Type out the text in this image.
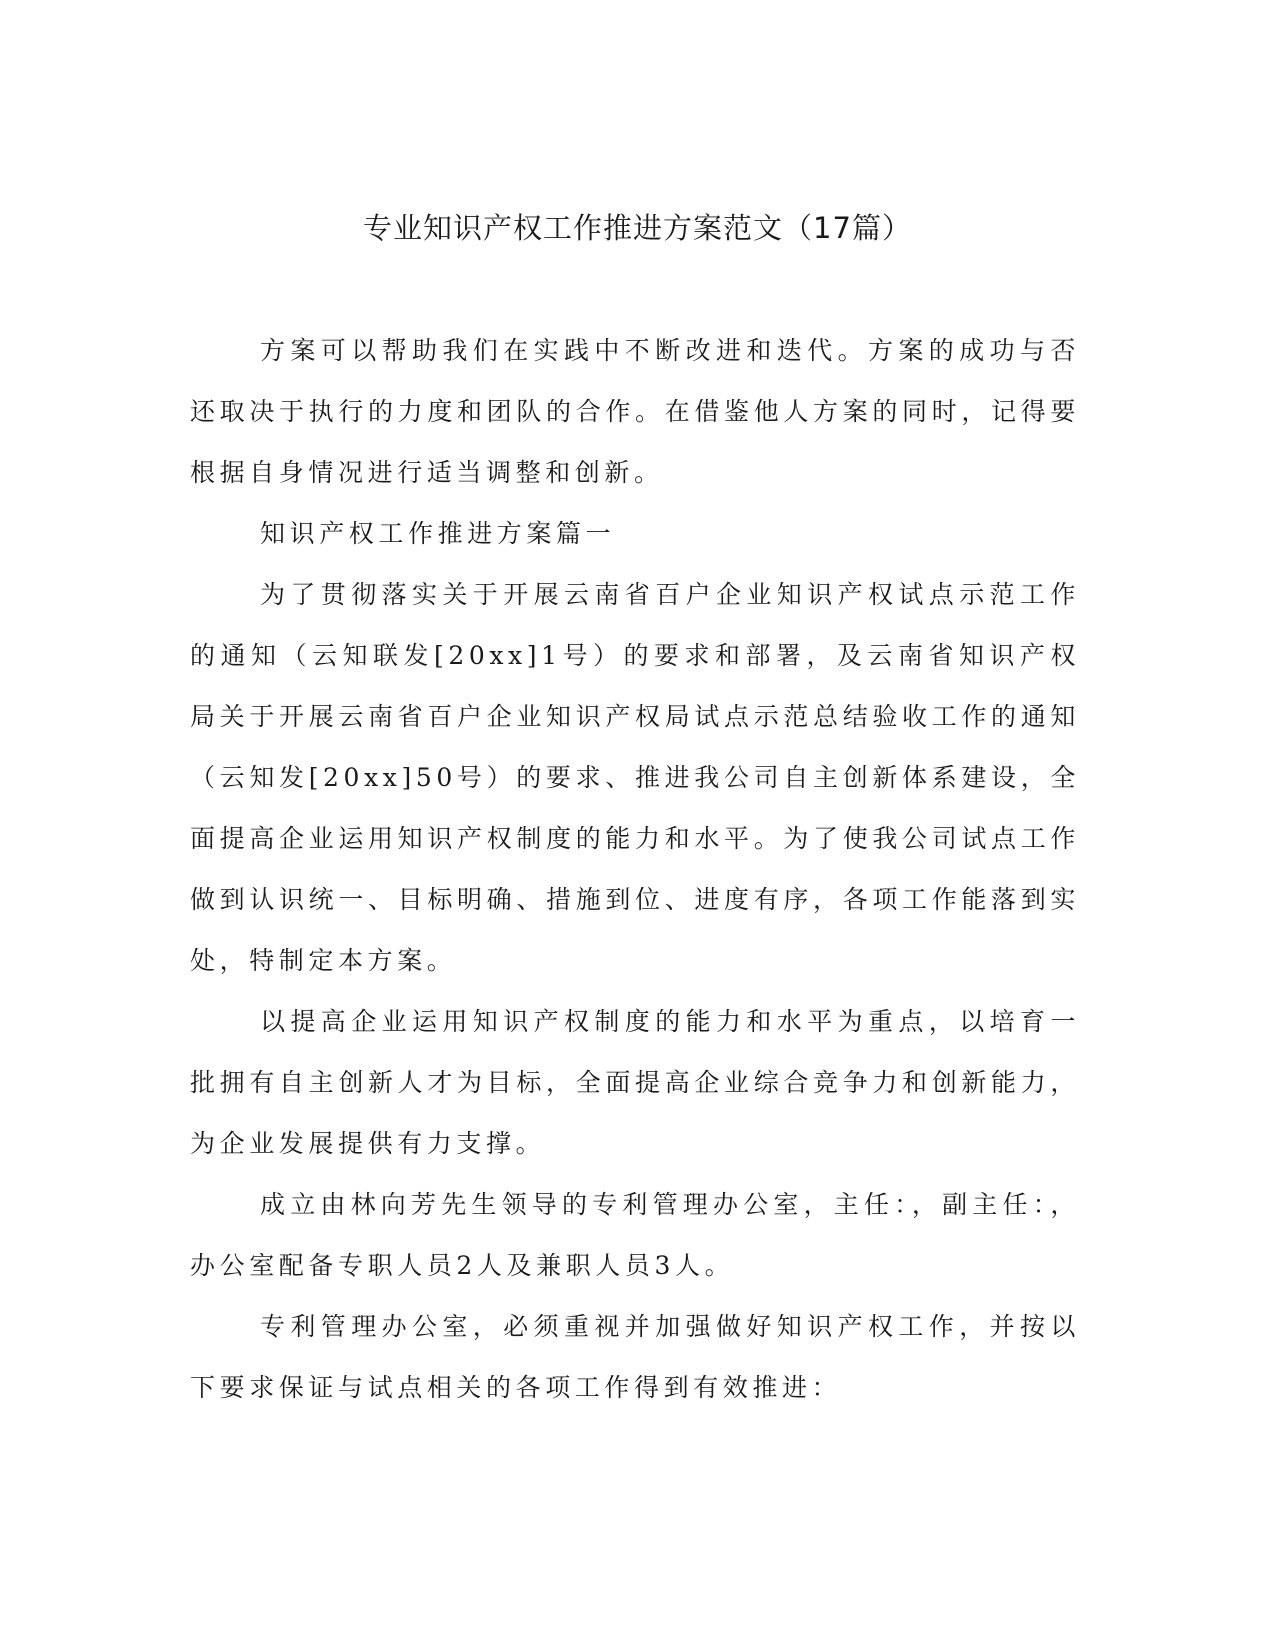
专业知识产权工作推进方案范文（17篇）

方案可以帮助我们在实践中不断改进和迭代。方案的成功与否还取决于执行的力度和团队的合作。在借鉴他人方案的同时，记得要根据自身情况进行适当调整和创新。

知识产权工作推进方案篇一

为了贯彻落实关于开展云南省百户企业知识产权试点示范工作的通知（云知联发[20xx]1号）的要求和部署，及云南省知识产权局关于开展云南省百户企业知识产权局试点示范总结验收工作的通知（云知发[20xx]50号）的要求、推进我公司自主创新体系建设，全面提高企业运用知识产权制度的能力和水平。为了使我公司试点工作做到认识统一、目标明确、措施到位、进度有序，各项工作能落到实处，特制定本方案。

以提高企业运用知识产权制度的能力和水平为重点，以培育一批拥有自主创新人才为目标，全面提高企业综合竞争力和创新能力，为企业发展提供有力支撑。

成立由林向芳先生领导的专利管理办公室，主任：，副主任：，办公室配备专职人员2人及兼职人员3人。

专利管理办公室，必须重视并加强做好知识产权工作，并按以下要求保证与试点相关的各项工作得到有效推进：
